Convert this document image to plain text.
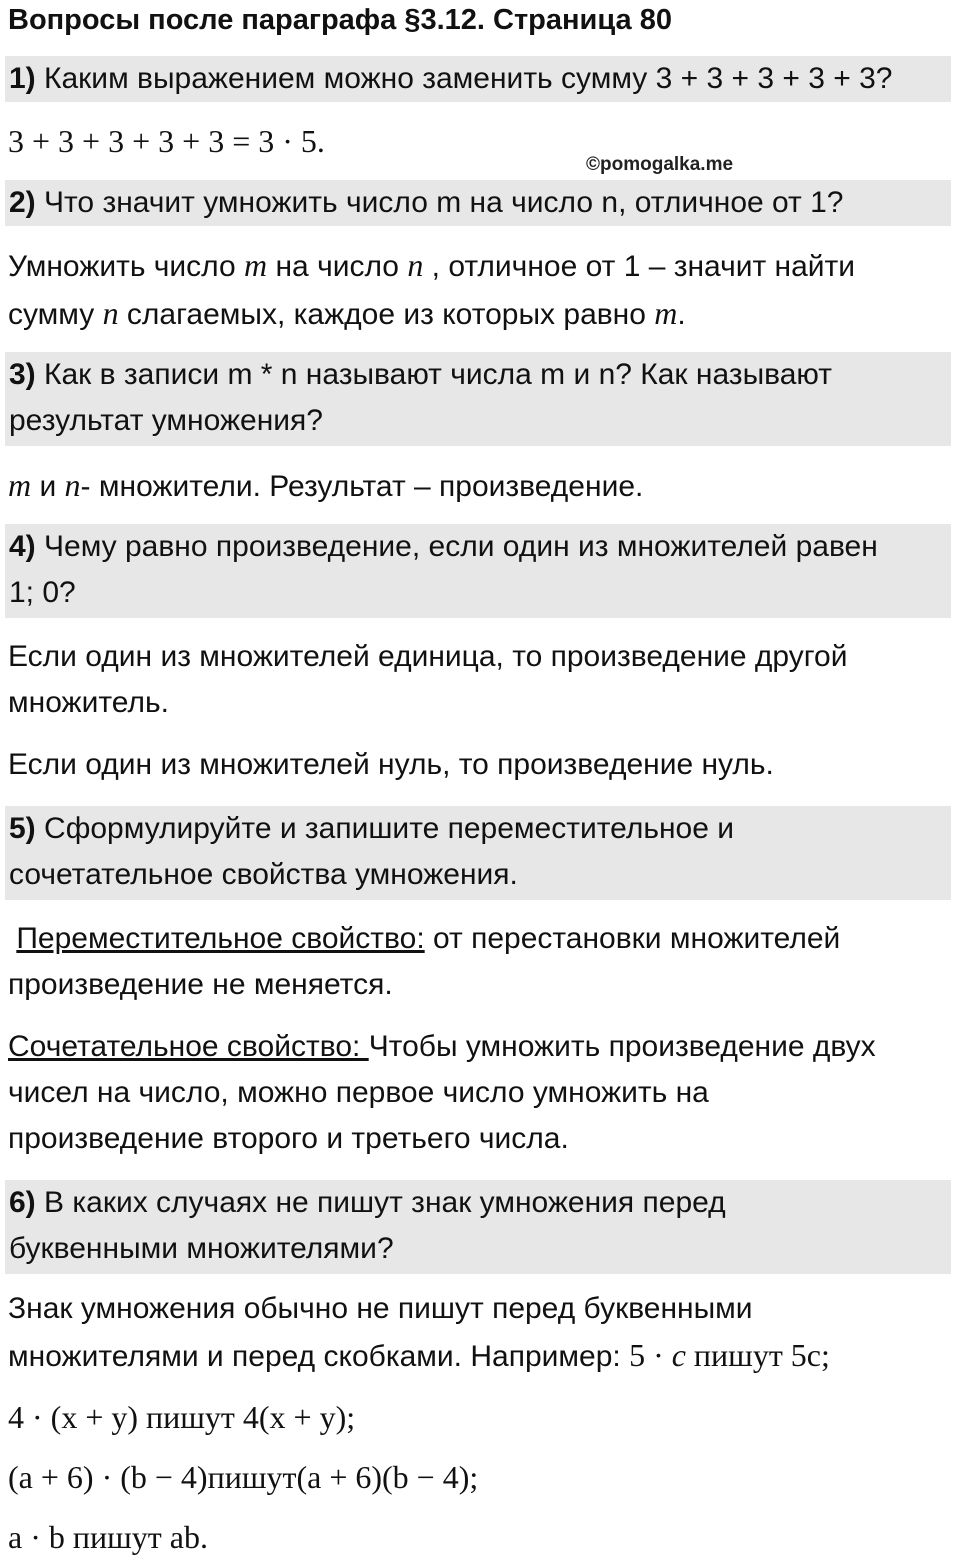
Вопросы после параграфа §3.12. Страница 80
©pomogalka.me
1) Каким выражением можно заменить сумму 3 + 3 + 3 + 3 + 3?
3 + 3 + 3 + 3 + 3 = 3 · 5.
2) Что значит умножить число m на число n, отличное от 1?
Умножить число m на число n , отличное от 1 – значит найти
сумму n слагаемых, каждое из которых равно m.
3) Как в записи m * n называют числа m и n? Как называют
результат умножения?
m и n- множители. Результат – произведение.
4) Чему равно произведение, если один из множителей равен
1; 0?
Если один из множителей единица, то произведение другой
множитель.
Если один из множителей нуль, то произведение нуль.
5) Сформулируйте и запишите переместительное и
сочетательное свойства умножения.
Переместительное свойство: от перестановки множителей
произведение не меняется.
Сочетательное свойство: Чтобы умножить произведение двух
чисел на число, можно первое число умножить на
произведение второго и третьего числа.
6) В каких случаях не пишут знак умножения перед
буквенными множителями?
Знак умножения обычно не пишут перед буквенными
множителями и перед скобками. Например: 5 · c пишут 5c;
4 · (x + y) пишут 4(x + y);
(a + 6) · (b − 4)пишут(a + 6)(b − 4);
a · b пишут ab.
